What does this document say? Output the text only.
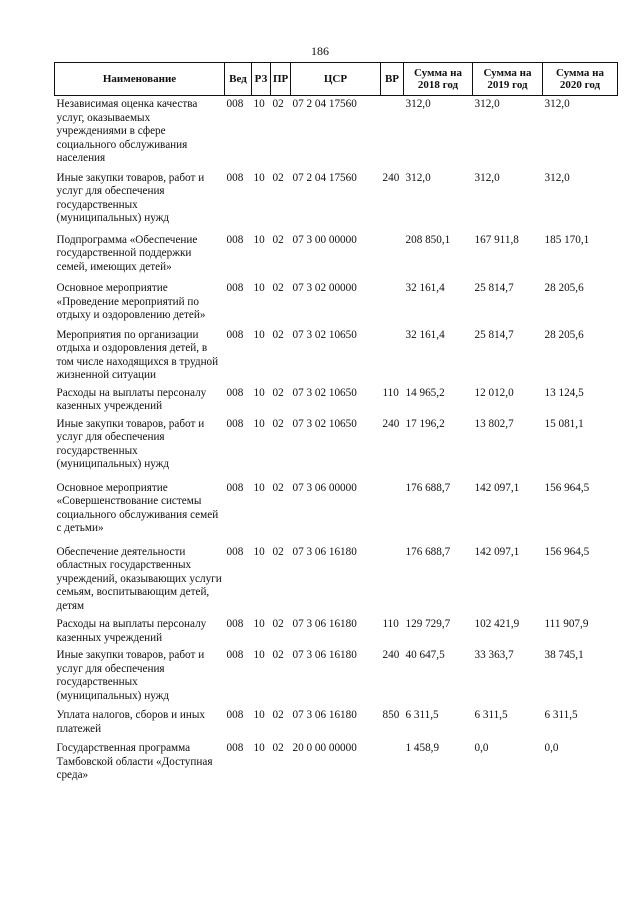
186
Наименование	Вед	РЗ	ПР	ЦСР	ВР	Сумма на 2018 год	Сумма на 2019 год	Сумма на 2020 год
Независимая оценка качества услуг, оказываемых учреждениями в сфере социального обслуживания населения	008	10	02	07 2 04 17560		312,0	312,0	312,0
Иные закупки товаров, работ и услуг для обеспечения государственных (муниципальных) нужд	008	10	02	07 2 04 17560	240	312,0	312,0	312,0
Подпрограмма «Обеспечение государственной поддержки семей, имеющих детей»	008	10	02	07 3 00 00000		208 850,1	167 911,8	185 170,1
Основное мероприятие «Проведение мероприятий по отдыху и оздоровлению детей»	008	10	02	07 3 02 00000		32 161,4	25 814,7	28 205,6
Мероприятия по организации отдыха и оздоровления детей, в том числе находящихся в трудной жизненной ситуации	008	10	02	07 3 02 10650		32 161,4	25 814,7	28 205,6
Расходы на выплаты персоналу казенных учреждений	008	10	02	07 3 02 10650	110	14 965,2	12 012,0	13 124,5
Иные закупки товаров, работ и услуг для обеспечения государственных (муниципальных) нужд	008	10	02	07 3 02 10650	240	17 196,2	13 802,7	15 081,1
Основное мероприятие «Совершенствование системы социального обслуживания семей с детьми»	008	10	02	07 3 06 00000		176 688,7	142 097,1	156 964,5
Обеспечение деятельности областных государственных учреждений, оказывающих услуги семьям, воспитывающим детей, детям	008	10	02	07 3 06 16180		176 688,7	142 097,1	156 964,5
Расходы на выплаты персоналу казенных учреждений	008	10	02	07 3 06 16180	110	129 729,7	102 421,9	111 907,9
Иные закупки товаров, работ и услуг для обеспечения государственных (муниципальных) нужд	008	10	02	07 3 06 16180	240	40 647,5	33 363,7	38 745,1
Уплата налогов, сборов и иных платежей	008	10	02	07 3 06 16180	850	6 311,5	6 311,5	6 311,5
Государственная программа Тамбовской области «Доступная среда»	008	10	02	20 0 00 00000		1 458,9	0,0	0,0
